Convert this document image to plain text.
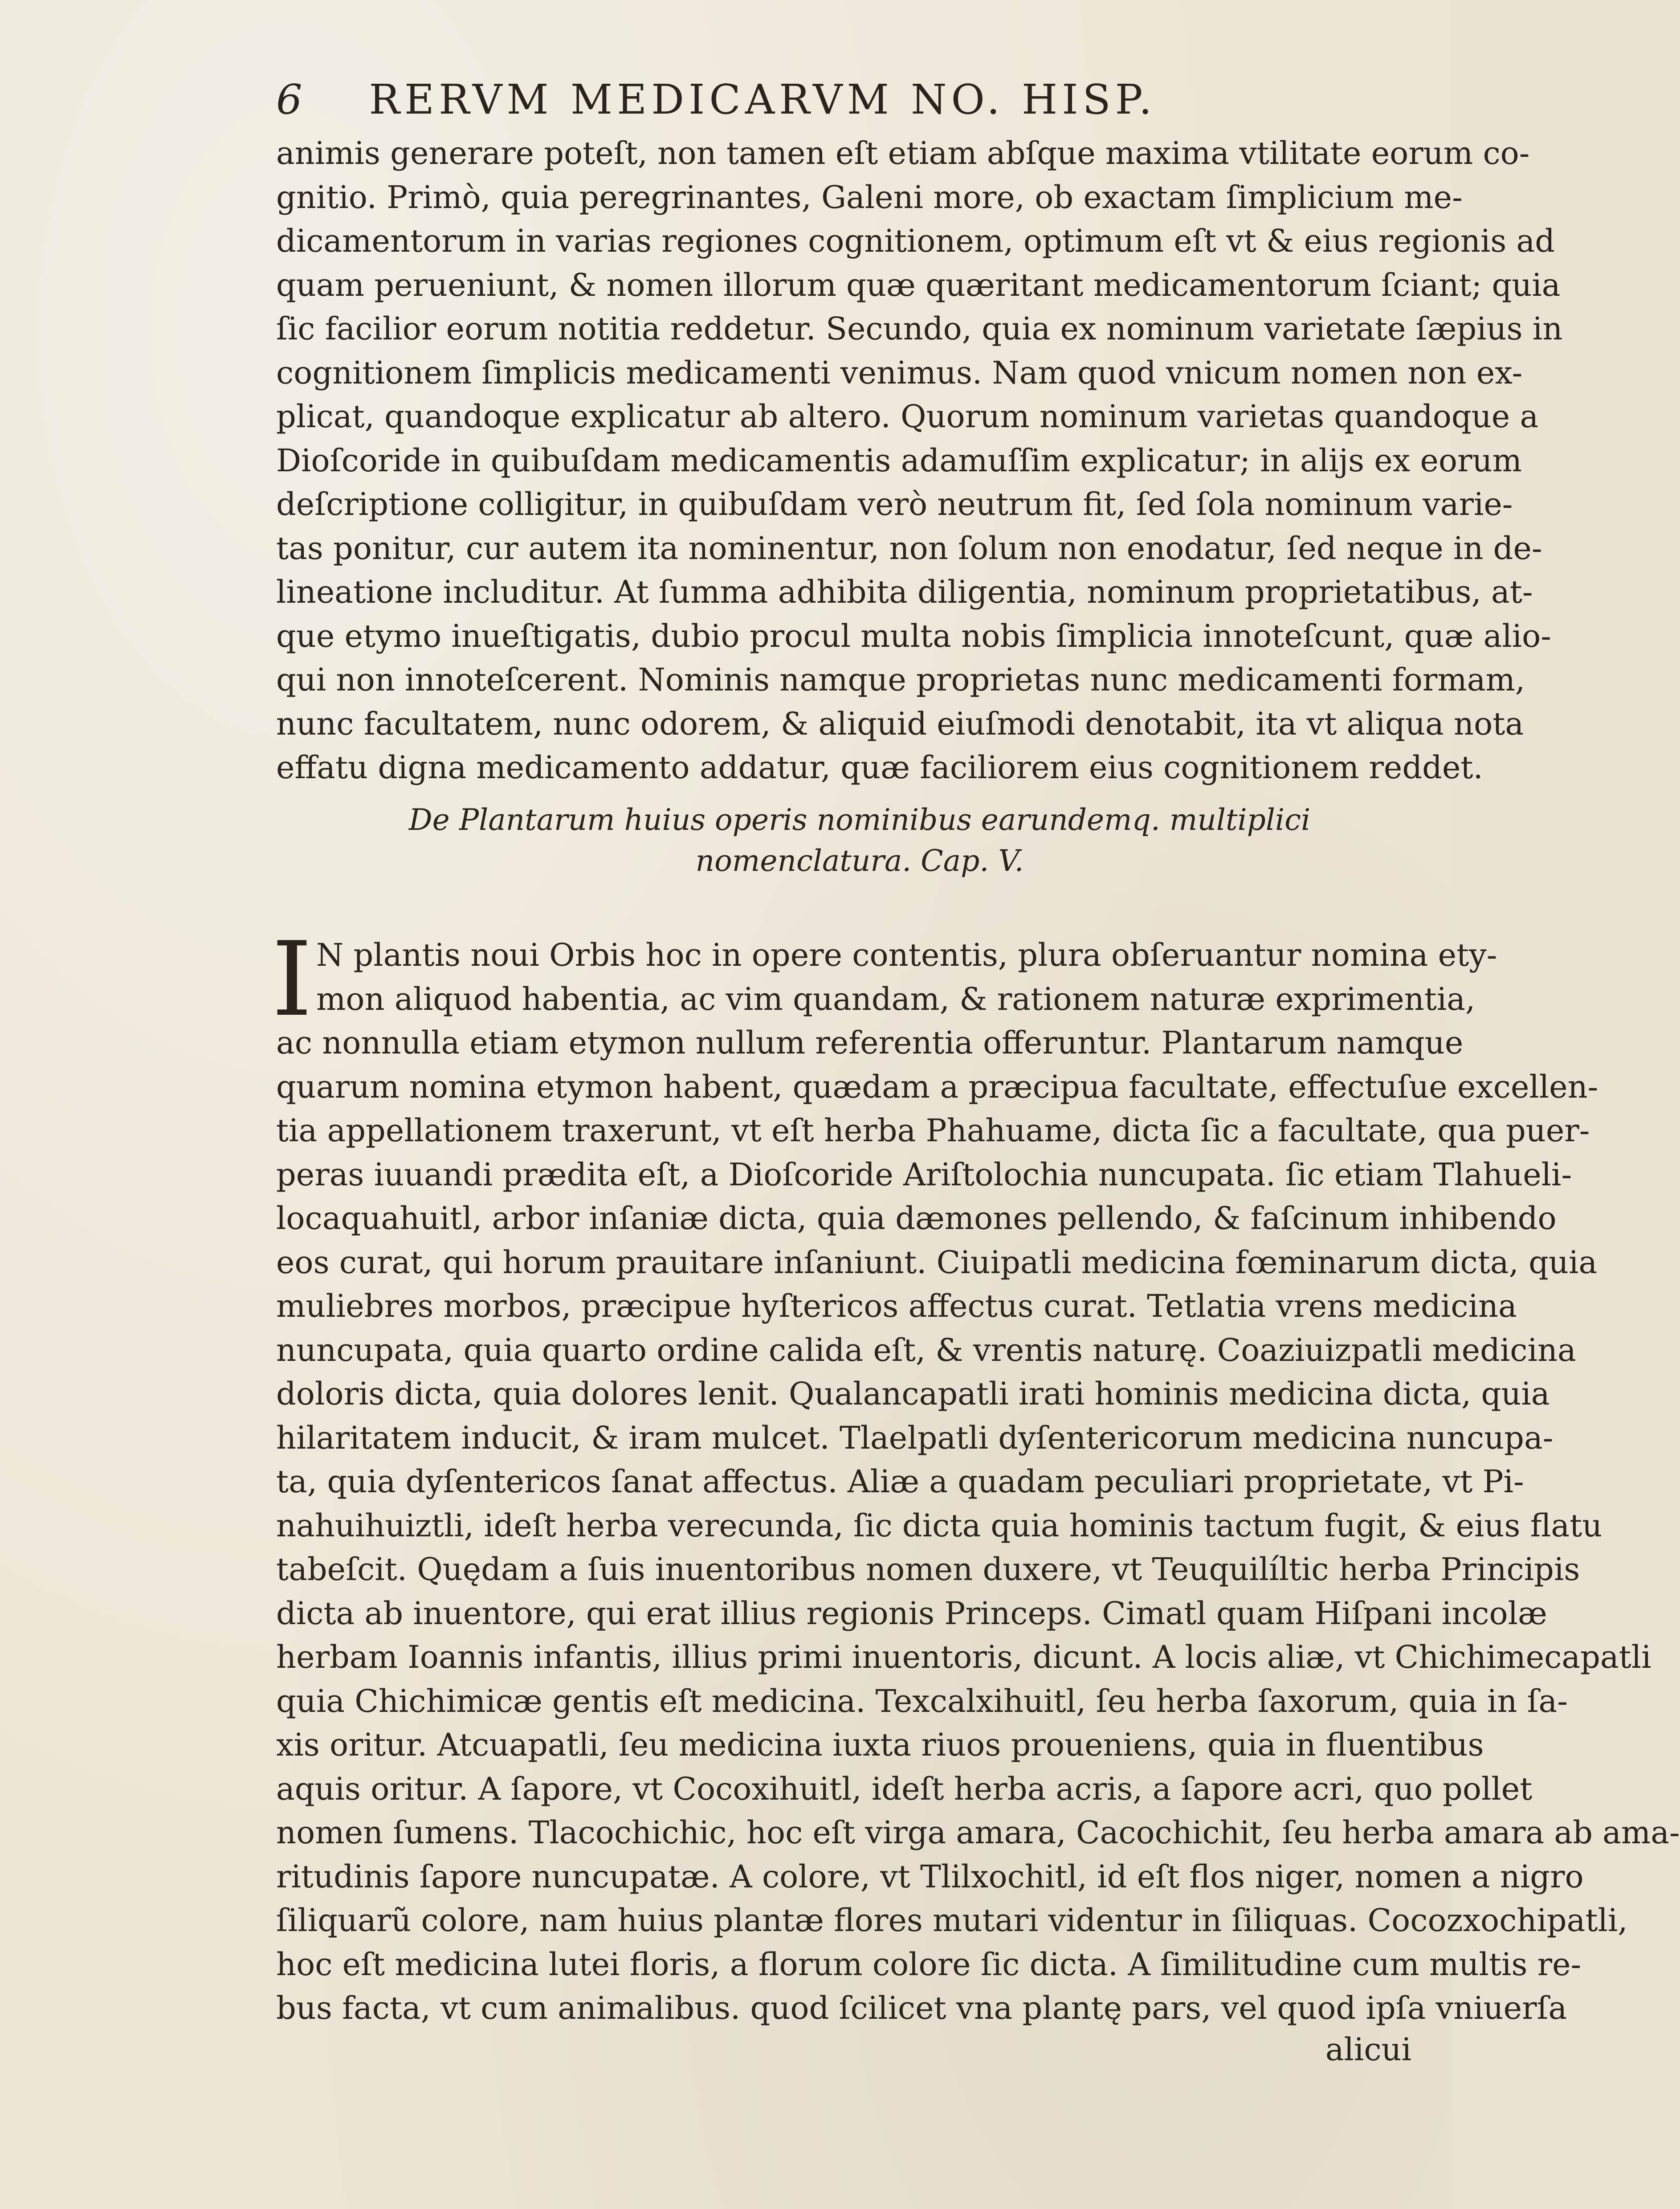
6 RERVM MEDICARVM NO. HISP.
animis generare poteſt, non tamen eſt etiam abſque maxima vtilitate eorum co-
gnitio. Primò, quia peregrinantes, Galeni more, ob exactam ſimplicium me-
dicamentorum in varias regiones cognitionem, optimum eſt vt & eius regionis ad
quam perueniunt, & nomen illorum quæ quæritant medicamentorum ſciant; quia
ſic facilior eorum notitia reddetur. Secundo, quia ex nominum varietate ſæpius in
cognitionem ſimplicis medicamenti venimus. Nam quod vnicum nomen non ex-
plicat, quandoque explicatur ab altero. Quorum nominum varietas quandoque a
Dioſcoride in quibuſdam medicamentis adamuſſim explicatur; in alijs ex eorum
deſcriptione colligitur, in quibuſdam verò neutrum fit, ſed ſola nominum varie-
tas ponitur, cur autem ita nominentur, non ſolum non enodatur, ſed neque in de-
lineatione includitur. At ſumma adhibita diligentia, nominum proprietatibus, at-
que etymo inueſtigatis, dubio procul multa nobis ſimplicia innoteſcunt, quæ alio-
qui non innoteſcerent. Nominis namque proprietas nunc medicamenti formam,
nunc facultatem, nunc odorem, & aliquid eiuſmodi denotabit, ita vt aliqua nota
effatu digna medicamento addatur, quæ faciliorem eius cognitionem reddet.
De Plantarum huius operis nominibus earundemq. multiplici
nomenclatura. Cap. V.
I N plantis noui Orbis hoc in opere contentis, plura obſeruantur nomina ety-
mon aliquod habentia, ac vim quandam, & rationem naturæ exprimentia,
ac nonnulla etiam etymon nullum referentia offeruntur. Plantarum namque
quarum nomina etymon habent, quædam a præcipua facultate, effectuſue excellen-
tia appellationem traxerunt, vt eſt herba Phahuame, dicta ſic a facultate, qua puer-
peras iuuandi prædita eſt, a Dioſcoride Ariſtolochia nuncupata. ſic etiam Tlahueli-
locaquahuitl, arbor inſaniæ dicta, quia dæmones pellendo, & faſcinum inhibendo
eos curat, qui horum prauitare inſaniunt. Ciuipatli medicina fœminarum dicta, quia
muliebres morbos, præcipue hyſtericos affectus curat. Tetlatia vrens medicina
nuncupata, quia quarto ordine calida eſt, & vrentis naturę. Coaziuizpatli medicina
doloris dicta, quia dolores lenit. Qualancapatli irati hominis medicina dicta, quia
hilaritatem inducit, & iram mulcet. Tlaelpatli dyſentericorum medicina nuncupa-
ta, quia dyſentericos ſanat affectus. Aliæ a quadam peculiari proprietate, vt Pi-
nahuihuiztli, ideſt herba verecunda, ſic dicta quia hominis tactum fugit, & eius flatu
tabeſcit. Quędam a ſuis inuentoribus nomen duxere, vt Teuquilíltic herba Principis
dicta ab inuentore, qui erat illius regionis Princeps. Cimatl quam Hiſpani incolæ
herbam Ioannis infantis, illius primi inuentoris, dicunt. A locis aliæ, vt Chichimecapatli
quia Chichimicæ gentis eſt medicina. Texcalxihuitl, ſeu herba ſaxorum, quia in ſa-
xis oritur. Atcuapatli, ſeu medicina iuxta riuos proueniens, quia in fluentibus
aquis oritur. A ſapore, vt Cocoxihuitl, ideſt herba acris, a ſapore acri, quo pollet
nomen ſumens. Tlacochichic, hoc eſt virga amara, Cacochichit, ſeu herba amara ab ama-
ritudinis ſapore nuncupatæ. A colore, vt Tlilxochitl, id eſt flos niger, nomen a nigro
ſiliquarũ colore, nam huius plantæ flores mutari videntur in ſiliquas. Cocozxochipatli,
hoc eſt medicina lutei floris, a florum colore ſic dicta. A ſimilitudine cum multis re-
bus facta, vt cum animalibus. quod ſcilicet vna plantę pars, vel quod ipſa vniuerſa
alicui
